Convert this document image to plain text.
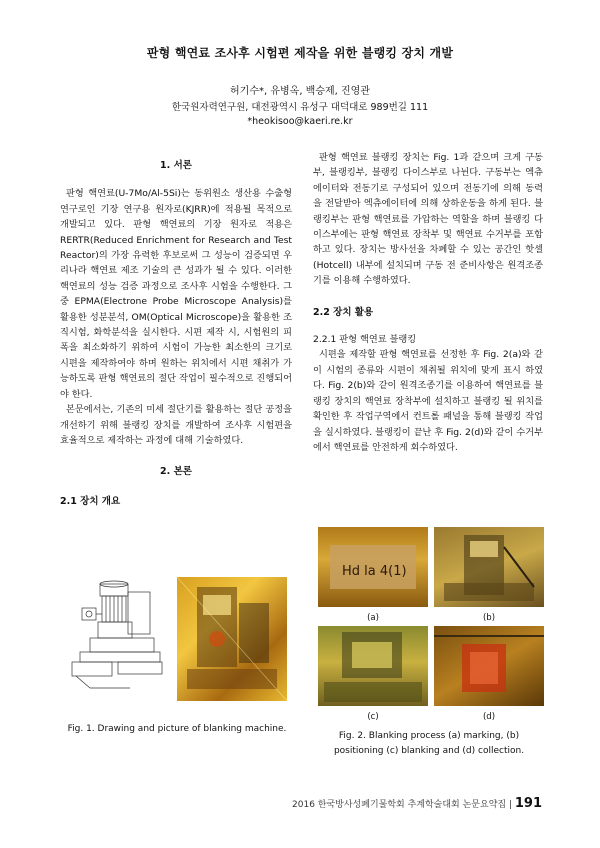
판형 핵연료 조사후 시험편 제작을 위한 블랭킹 장치 개발
허기수*, 유병옥, 백승제, 진영관
한국원자력연구원, 대전광역시 유성구 대덕대로 989번길 111
*heokisoo@kaeri.re.kr

1. 서론

판형 핵연료(U-7Mo/Al-5Si)는 동위원소 생산용 수출형 연구로인 기장 연구용 원자로(KJRR)에 적용될 목적으로 개발되고 있다. 판형 핵연료의 기장 원자로 적용은 RERTR(Reduced Enrichment for Research and Test Reactor)의 가장 유력한 후보로써 그 성능이 검증되면 우리나라 핵연료 제조 기술의 큰 성과가 될 수 있다. 이러한 핵연료의 성능 검증 과정으로 조사후 시험을 수행한다. 그 중 EPMA(Electrone Probe Microscope Analysis)를 활용한 성분분석, OM(Optical Microscope)을 활용한 조직시험, 화학분석을 실시한다. 시편 제작 시, 시험원의 피폭을 최소화하기 위하여 시험이 가능한 최소한의 크기로 시편을 제작하여야 하며 원하는 위치에서 시편 채취가 가능하도록 판형 핵연료의 절단 작업이 필수적으로 진행되어야 한다.

본문에서는, 기존의 미세 절단기를 활용하는 절단 공정을 개선하기 위해 블랭킹 장치를 개발하여 조사후 시험편을 효율적으로 제작하는 과정에 대해 기술하였다.

2. 본론

2.1 장치 개요

Fig. 1. Drawing and picture of blanking machine.

판형 핵연료 블랭킹 장치는 Fig. 1과 같으며 크게 구동부, 블랭킹부, 블랭킹 다이스부로 나뉜다. 구동부는 엑츄에이터와 전동기로 구성되어 있으며 전동기에 의해 동력을 전달받아 엑츄에이터에 의해 상하운동을 하게 된다. 블랭킹부는 판형 핵연료를 가압하는 역할을 하며 블랭킹 다이스부에는 판형 핵연료 장착부 및 핵연료 수거부를 포함하고 있다. 장치는 방사선을 차폐할 수 있는 공간인 핫셀(Hotcell) 내부에 설치되며 구동 전 준비사항은 원격조종기를 이용해 수행하였다.

2.2 장치 활용

2.2.1 판형 핵연료 블랭킹

시편을 제작할 판형 핵연료를 선정한 후 Fig. 2(a)와 같이 시험의 종류와 시편이 채취될 위치에 맞게 표시 하였다. Fig. 2(b)와 같이 원격조종기를 이용하여 핵연료를 블랭킹 장치의 핵연료 장착부에 설치하고 블랭킹 될 위치를 확인한 후 작업구역에서 컨트롤 패널을 통해 블랭킹 작업을 실시하였다. 블랭킹이 끝난 후 Fig. 2(d)와 같이 수거부에서 핵연료를 안전하게 회수하였다.

Hd la 4(1)
(a)	(b)
(c)	(d)
Fig. 2. Blanking process (a) marking, (b)
positioning (c) blanking and (d) collection.
2016 한국방사성폐기물학회 추계학술대회 논문요약집 | 191
